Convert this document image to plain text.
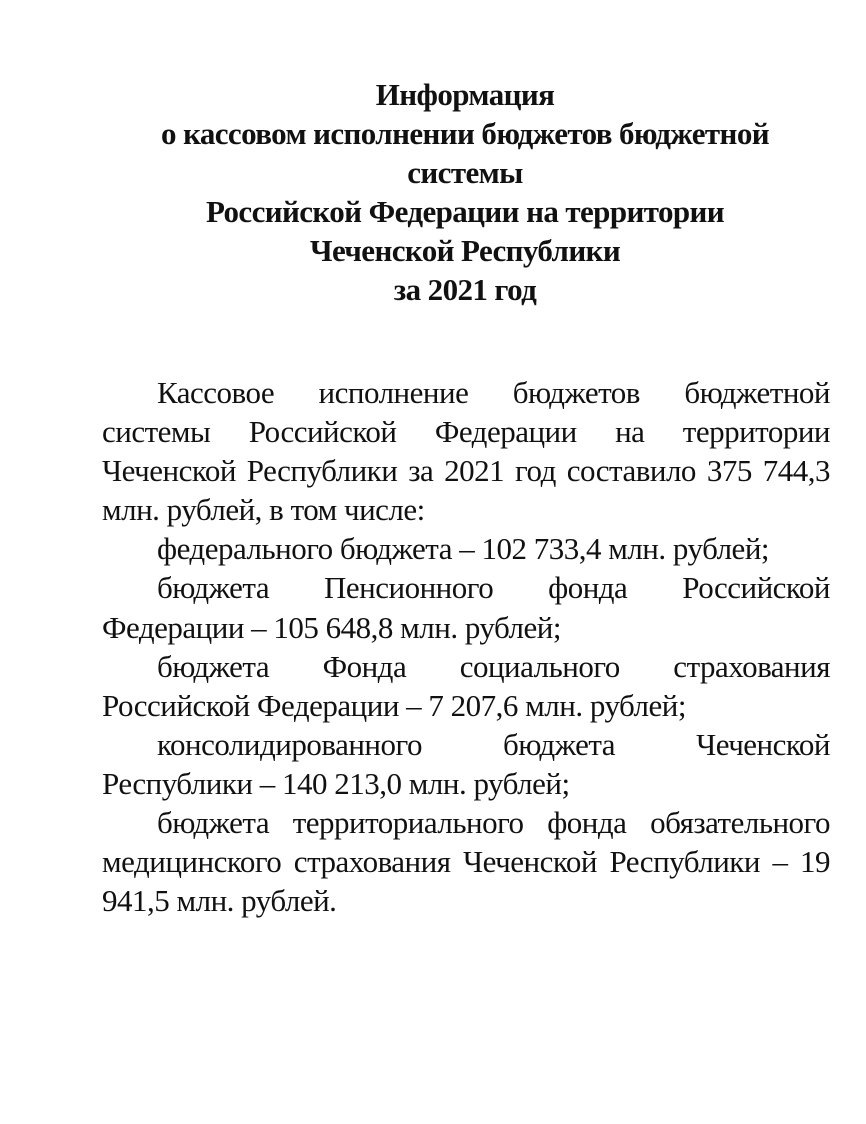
Информация
о кассовом исполнении бюджетов бюджетной
системы
Российской Федерации на территории
Чеченской Республики
за 2021 год

Кассовое исполнение бюджетов бюджетной системы Российской Федерации на территории Чеченской Республики за 2021 год составило 375 744,3 млн. рублей, в том числе:

федерального бюджета – 102 733,4 млн. рублей;

бюджета Пенсионного фонда Российской Федерации – 105 648,8 млн. рублей;

бюджета Фонда социального страхования Российской Федерации – 7 207,6 млн. рублей;

консолидированного бюджета Чеченской Республики – 140 213,0 млн. рублей;

бюджета территориального фонда обязательного медицинского страхования Чеченской Республики – 19 941,5 млн. рублей.
